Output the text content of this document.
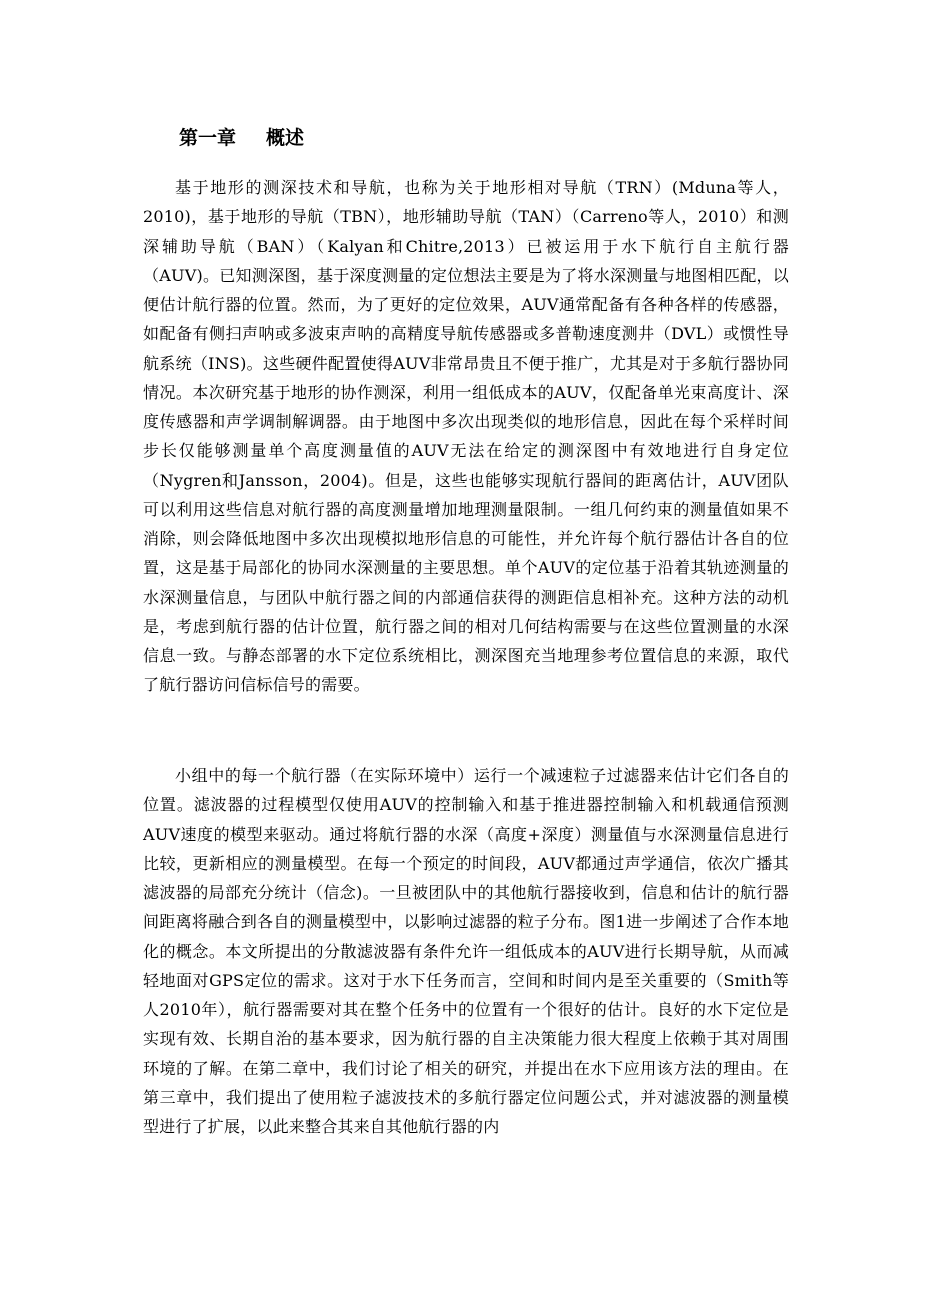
第一章 概述

基于地形的测深技术和导航，也称为关于地形相对导航（TRN）(Mduna等人，2010)，基于地形的导航（TBN），地形辅助导航（TAN）（Carreno等人，2010）和测深辅助导航（BAN）（Kalyan和Chitre,2013）已被运用于水下航行自主航行器（AUV)。已知测深图，基于深度测量的定位想法主要是为了将水深测量与地图相匹配，以便估计航行器的位置。然而，为了更好的定位效果，AUV通常配备有各种各样的传感器，如配备有侧扫声呐或多波束声呐的高精度导航传感器或多普勒速度测井（DVL）或惯性导航系统（INS)。这些硬件配置使得AUV非常昂贵且不便于推广，尤其是对于多航行器协同情况。本次研究基于地形的协作测深，利用一组低成本的AUV，仅配备单光束高度计、深度传感器和声学调制解调器。由于地图中多次出现类似的地形信息，因此在每个采样时间步长仅能够测量单个高度测量值的AUV无法在给定的测深图中有效地进行自身定位（Nygren和Jansson，2004)。但是，这些也能够实现航行器间的距离估计，AUV团队可以利用这些信息对航行器的高度测量增加地理测量限制。一组几何约束的测量值如果不消除，则会降低地图中多次出现模拟地形信息的可能性，并允许每个航行器估计各自的位置，这是基于局部化的协同水深测量的主要思想。单个AUV的定位基于沿着其轨迹测量的水深测量信息，与团队中航行器之间的内部通信获得的测距信息相补充。这种方法的动机是，考虑到航行器的估计位置，航行器之间的相对几何结构需要与在这些位置测量的水深信息一致。与静态部署的水下定位系统相比，测深图充当地理参考位置信息的来源，取代了航行器访问信标信号的需要。

小组中的每一个航行器（在实际环境中）运行一个减速粒子过滤器来估计它们各自的位置。滤波器的过程模型仅使用AUV的控制输入和基于推进器控制输入和机载通信预测AUV速度的模型来驱动。通过将航行器的水深（高度+深度）测量值与水深测量信息进行比较，更新相应的测量模型。在每一个预定的时间段，AUV都通过声学通信，依次广播其滤波器的局部充分统计（信念)。一旦被团队中的其他航行器接收到，信息和估计的航行器间距离将融合到各自的测量模型中，以影响过滤器的粒子分布。图1进一步阐述了合作本地化的概念。本文所提出的分散滤波器有条件允许一组低成本的AUV进行长期导航，从而减轻地面对GPS定位的需求。这对于水下任务而言，空间和时间内是至关重要的（Smith等人2010年），航行器需要对其在整个任务中的位置有一个很好的估计。良好的水下定位是实现有效、长期自治的基本要求，因为航行器的自主决策能力很大程度上依赖于其对周围环境的了解。在第二章中，我们讨论了相关的研究，并提出在水下应用该方法的理由。在第三章中，我们提出了使用粒子滤波技术的多航行器定位问题公式，并对滤波器的测量模型进行了扩展，以此来整合其来自其他航行器的内
